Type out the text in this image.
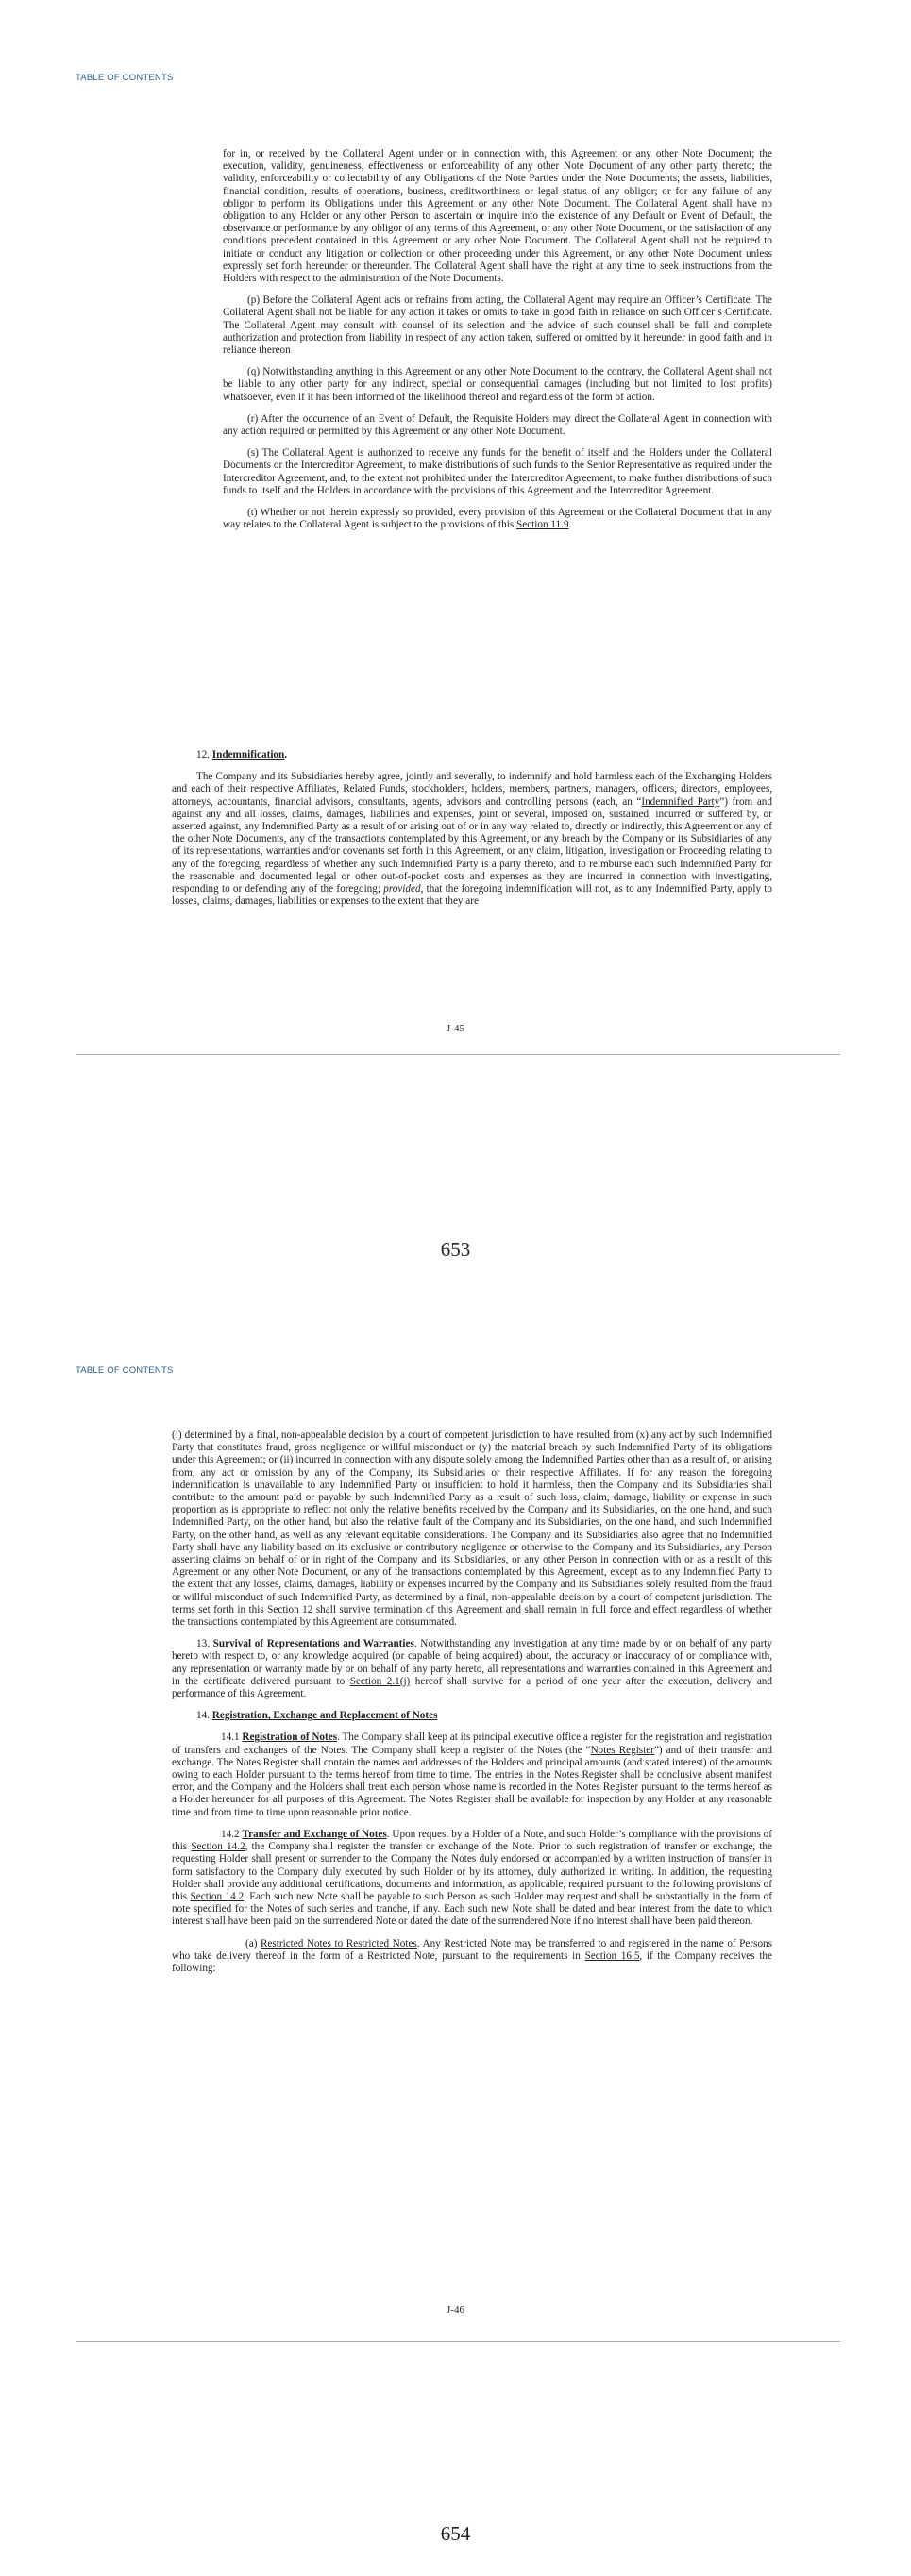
TABLE OF CONTENTS

for in, or received by the Collateral Agent under or in connection with, this Agreement or any other Note Document; the execution, validity, genuineness, effectiveness or enforceability of any other Note Document of any other party thereto; the validity, enforceability or collectability of any Obligations of the Note Parties under the Note Documents; the assets, liabilities, financial condition, results of operations, business, creditworthiness or legal status of any obligor; or for any failure of any obligor to perform its Obligations under this Agreement or any other Note Document. The Collateral Agent shall have no obligation to any Holder or any other Person to ascertain or inquire into the existence of any Default or Event of Default, the observance or performance by any obligor of any terms of this Agreement, or any other Note Document, or the satisfaction of any conditions precedent contained in this Agreement or any other Note Document. The Collateral Agent shall not be required to initiate or conduct any litigation or collection or other proceeding under this Agreement, or any other Note Document unless expressly set forth hereunder or thereunder. The Collateral Agent shall have the right at any time to seek instructions from the Holders with respect to the administration of the Note Documents.

(p) Before the Collateral Agent acts or refrains from acting, the Collateral Agent may require an Officer’s Certificate. The Collateral Agent shall not be liable for any action it takes or omits to take in good faith in reliance on such Officer’s Certificate. The Collateral Agent may consult with counsel of its selection and the advice of such counsel shall be full and complete authorization and protection from liability in respect of any action taken, suffered or omitted by it hereunder in good faith and in reliance thereon

(q) Notwithstanding anything in this Agreement or any other Note Document to the contrary, the Collateral Agent shall not be liable to any other party for any indirect, special or consequential damages (including but not limited to lost profits) whatsoever, even if it has been informed of the likelihood thereof and regardless of the form of action.

(r) After the occurrence of an Event of Default, the Requisite Holders may direct the Collateral Agent in connection with any action required or permitted by this Agreement or any other Note Document.

(s) The Collateral Agent is authorized to receive any funds for the benefit of itself and the Holders under the Collateral Documents or the Intercreditor Agreement, to make distributions of such funds to the Senior Representative as required under the Intercreditor Agreement, and, to the extent not prohibited under the Intercreditor Agreement, to make further distributions of such funds to itself and the Holders in accordance with the provisions of this Agreement and the Intercreditor Agreement.

(t) Whether or not therein expressly so provided, every provision of this Agreement or the Collateral Document that in any way relates to the Collateral Agent is subject to the provisions of this Section 11.9.

12. Indemnification.

The Company and its Subsidiaries hereby agree, jointly and severally, to indemnify and hold harmless each of the Exchanging Holders and each of their respective Affiliates, Related Funds, stockholders, holders, members, partners, managers, officers, directors, employees, attorneys, accountants, financial advisors, consultants, agents, advisors and controlling persons (each, an “Indemnified Party”) from and against any and all losses, claims, damages, liabilities and expenses, joint or several, imposed on, sustained, incurred or suffered by, or asserted against, any Indemnified Party as a result of or arising out of or in any way related to, directly or indirectly, this Agreement or any of the other Note Documents, any of the transactions contemplated by this Agreement, or any breach by the Company or its Subsidiaries of any of its representations, warranties and/or covenants set forth in this Agreement, or any claim, litigation, investigation or Proceeding relating to any of the foregoing, regardless of whether any such Indemnified Party is a party thereto, and to reimburse each such Indemnified Party for the reasonable and documented legal or other out-of-pocket costs and expenses as they are incurred in connection with investigating, responding to or defending any of the foregoing; provided, that the foregoing indemnification will not, as to any Indemnified Party, apply to losses, claims, damages, liabilities or expenses to the extent that they are

J-45
653
TABLE OF CONTENTS

(i) determined by a final, non-appealable decision by a court of competent jurisdiction to have resulted from (x) any act by such Indemnified Party that constitutes fraud, gross negligence or willful misconduct or (y) the material breach by such Indemnified Party of its obligations under this Agreement; or (ii) incurred in connection with any dispute solely among the Indemnified Parties other than as a result of, or arising from, any act or omission by any of the Company, its Subsidiaries or their respective Affiliates. If for any reason the foregoing indemnification is unavailable to any Indemnified Party or insufficient to hold it harmless, then the Company and its Subsidiaries shall contribute to the amount paid or payable by such Indemnified Party as a result of such loss, claim, damage, liability or expense in such proportion as is appropriate to reflect not only the relative benefits received by the Company and its Subsidiaries, on the one hand, and such Indemnified Party, on the other hand, but also the relative fault of the Company and its Subsidiaries, on the one hand, and such Indemnified Party, on the other hand, as well as any relevant equitable considerations. The Company and its Subsidiaries also agree that no Indemnified Party shall have any liability based on its exclusive or contributory negligence or otherwise to the Company and its Subsidiaries, any Person asserting claims on behalf of or in right of the Company and its Subsidiaries, or any other Person in connection with or as a result of this Agreement or any other Note Document, or any of the transactions contemplated by this Agreement, except as to any Indemnified Party to the extent that any losses, claims, damages, liability or expenses incurred by the Company and its Subsidiaries solely resulted from the fraud or willful misconduct of such Indemnified Party, as determined by a final, non-appealable decision by a court of competent jurisdiction. The terms set forth in this Section 12 shall survive termination of this Agreement and shall remain in full force and effect regardless of whether the transactions contemplated by this Agreement are consummated.

13. Survival of Representations and Warranties. Notwithstanding any investigation at any time made by or on behalf of any party hereto with respect to, or any knowledge acquired (or capable of being acquired) about, the accuracy or inaccuracy of or compliance with, any representation or warranty made by or on behalf of any party hereto, all representations and warranties contained in this Agreement and in the certificate delivered pursuant to Section 2.1(j) hereof shall survive for a period of one year after the execution, delivery and performance of this Agreement.

14. Registration, Exchange and Replacement of Notes

14.1 Registration of Notes. The Company shall keep at its principal executive office a register for the registration and registration of transfers and exchanges of the Notes. The Company shall keep a register of the Notes (the “Notes Register”) and of their transfer and exchange. The Notes Register shall contain the names and addresses of the Holders and principal amounts (and stated interest) of the amounts owing to each Holder pursuant to the terms hereof from time to time. The entries in the Notes Register shall be conclusive absent manifest error, and the Company and the Holders shall treat each person whose name is recorded in the Notes Register pursuant to the terms hereof as a Holder hereunder for all purposes of this Agreement. The Notes Register shall be available for inspection by any Holder at any reasonable time and from time to time upon reasonable prior notice.

14.2 Transfer and Exchange of Notes. Upon request by a Holder of a Note, and such Holder’s compliance with the provisions of this Section 14.2, the Company shall register the transfer or exchange of the Note. Prior to such registration of transfer or exchange, the requesting Holder shall present or surrender to the Company the Notes duly endorsed or accompanied by a written instruction of transfer in form satisfactory to the Company duly executed by such Holder or by its attorney, duly authorized in writing. In addition, the requesting Holder shall provide any additional certifications, documents and information, as applicable, required pursuant to the following provisions of this Section 14.2. Each such new Note shall be payable to such Person as such Holder may request and shall be substantially in the form of note specified for the Notes of such series and tranche, if any. Each such new Note shall be dated and bear interest from the date to which interest shall have been paid on the surrendered Note or dated the date of the surrendered Note if no interest shall have been paid thereon.

(a) Restricted Notes to Restricted Notes. Any Restricted Note may be transferred to and registered in the name of Persons who take delivery thereof in the form of a Restricted Note, pursuant to the requirements in Section 16.5, if the Company receives the following:

J-46
654
